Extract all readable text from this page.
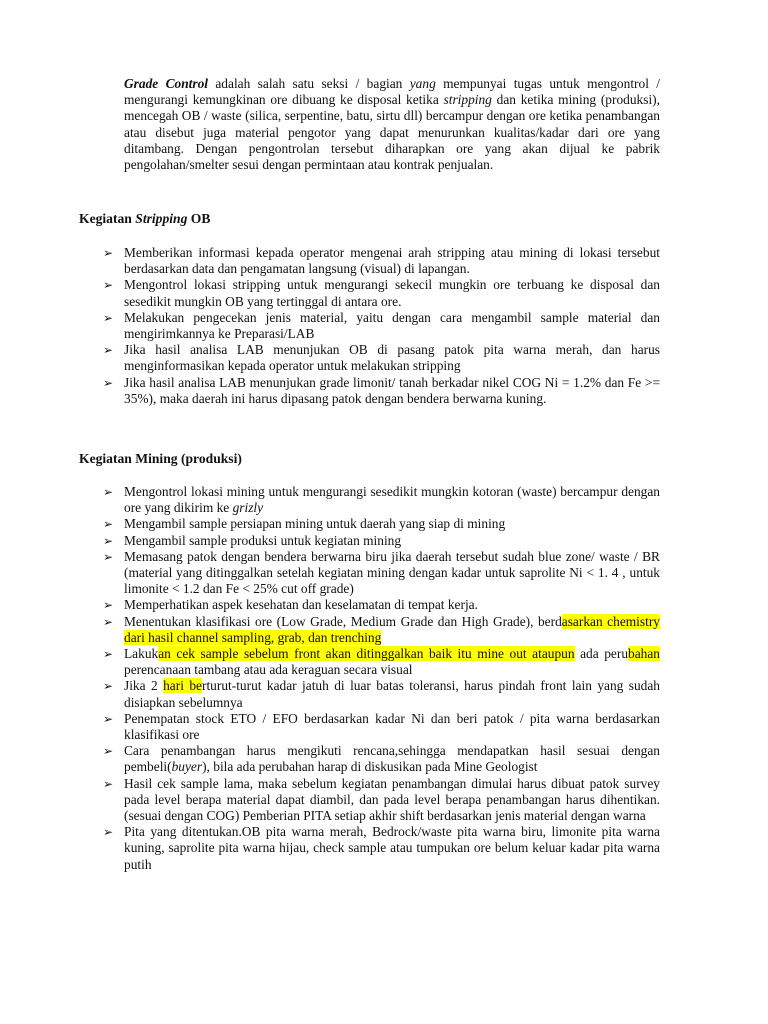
Grade Control adalah salah satu seksi / bagian yang mempunyai tugas untuk mengontrol / mengurangi kemungkinan ore dibuang ke disposal ketika stripping dan ketika mining (produksi), mencegah OB / waste (silica, serpentine, batu, sirtu dll) bercampur dengan ore ketika penambangan atau disebut juga material pengotor yang dapat menurunkan kualitas/kadar dari ore yang ditambang. Dengan pengontrolan tersebut diharapkan ore yang akan dijual ke pabrik pengolahan/smelter sesui dengan permintaan atau kontrak penjualan.

Kegiatan Stripping OB

➢ Memberikan informasi kepada operator mengenai arah stripping atau mining di lokasi tersebut berdasarkan data dan pengamatan langsung (visual) di lapangan.
➢ Mengontrol lokasi stripping untuk mengurangi sekecil mungkin ore terbuang ke disposal dan sesedikit mungkin OB yang tertinggal di antara ore.
➢ Melakukan pengecekan jenis material, yaitu dengan cara mengambil sample material dan mengirimkannya ke Preparasi/LAB
➢ Jika hasil analisa LAB menunjukan OB di pasang patok pita warna merah, dan harus menginformasikan kepada operator untuk melakukan stripping
➢ Jika hasil analisa LAB menunjukan grade limonit/ tanah berkadar nikel COG Ni = 1.2% dan Fe >= 35%), maka daerah ini harus dipasang patok dengan bendera berwarna kuning.

Kegiatan Mining (produksi)

➢ Mengontrol lokasi mining untuk mengurangi sesedikit mungkin kotoran (waste) bercampur dengan ore yang dikirim ke grizly
➢ Mengambil sample persiapan mining untuk daerah yang siap di mining
➢ Mengambil sample produksi untuk kegiatan mining
➢ Memasang patok dengan bendera berwarna biru jika daerah tersebut sudah blue zone/ waste / BR (material yang ditinggalkan setelah kegiatan mining dengan kadar untuk saprolite Ni < 1. 4 , untuk limonite < 1.2 dan Fe < 25% cut off grade)
➢ Memperhatikan aspek kesehatan dan keselamatan di tempat kerja.
➢ Menentukan klasifikasi ore (Low Grade, Medium Grade dan High Grade), berdasarkan chemistry dari hasil channel sampling, grab, dan trenching
➢ Lakukan cek sample sebelum front akan ditinggalkan baik itu mine out ataupun ada perubahan perencanaan tambang atau ada keraguan secara visual
➢ Jika 2 hari berturut-turut kadar jatuh di luar batas toleransi, harus pindah front lain yang sudah disiapkan sebelumnya
➢ Penempatan stock ETO / EFO berdasarkan kadar Ni dan beri patok / pita warna berdasarkan klasifikasi ore
➢ Cara penambangan harus mengikuti rencana,sehingga mendapatkan hasil sesuai dengan pembeli(buyer), bila ada perubahan harap di diskusikan pada Mine Geologist
➢ Hasil cek sample lama, maka sebelum kegiatan penambangan dimulai harus dibuat patok survey pada level berapa material dapat diambil, dan pada level berapa penambangan harus dihentikan. (sesuai dengan COG) Pemberian PITA setiap akhir shift berdasarkan jenis material dengan warna
➢ Pita yang ditentukan.OB pita warna merah, Bedrock/waste pita warna biru, limonite pita warna kuning, saprolite pita warna hijau, check sample atau tumpukan ore belum keluar kadar pita warna putih
